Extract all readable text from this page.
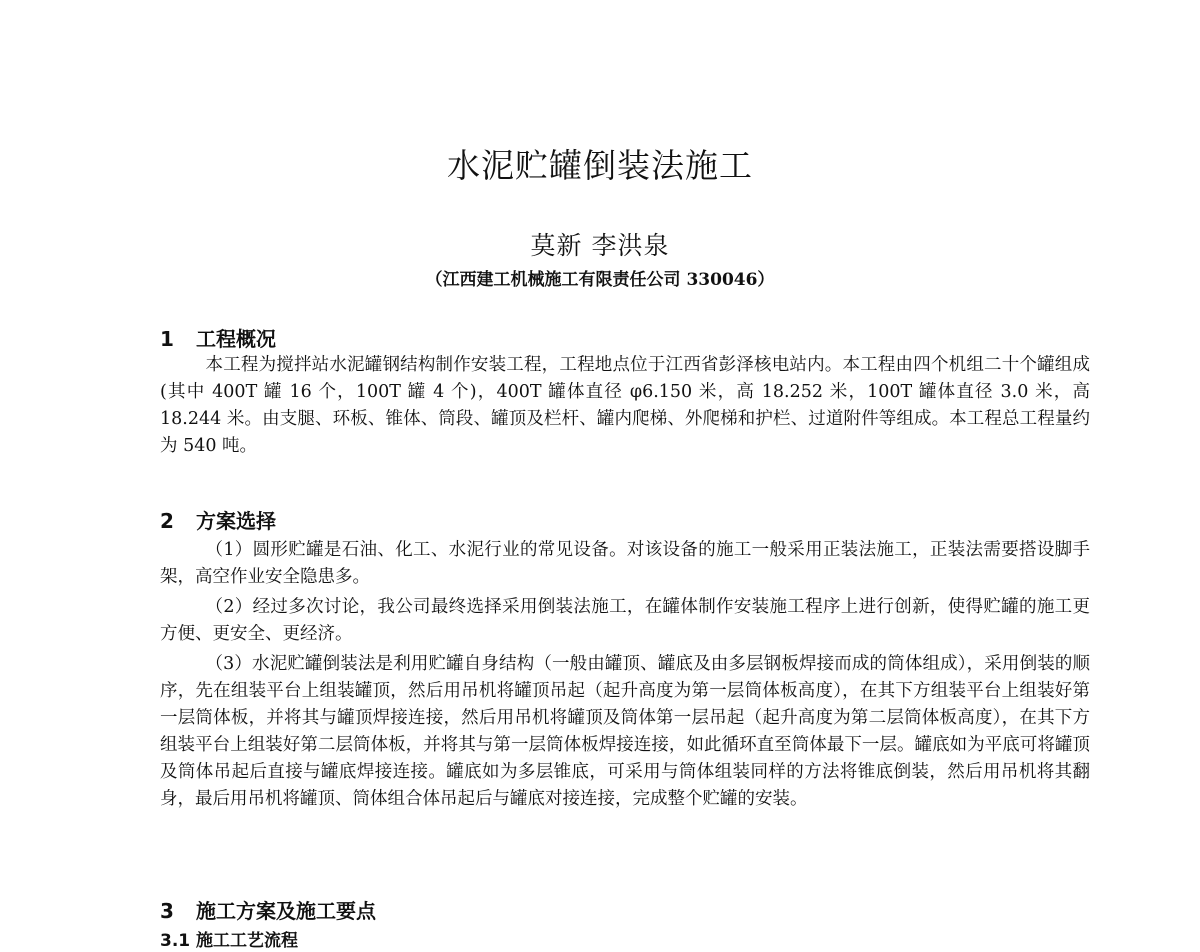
水泥贮罐倒装法施工
莫新 李洪泉
（江西建工机械施工有限责任公司 330046）
1 工程概况

本工程为搅拌站水泥罐钢结构制作安装工程，工程地点位于江西省彭泽核电站内。本工程由四个机组二十个罐组成(其中 400T 罐 16 个，100T 罐 4 个)，400T 罐体直径 φ6.150 米，高 18.252 米，100T 罐体直径 3.0 米，高 18.244 米。由支腿、环板、锥体、筒段、罐顶及栏杆、罐内爬梯、外爬梯和护栏、过道附件等组成。本工程总工程量约为 540 吨。

2 方案选择

（1）圆形贮罐是石油、化工、水泥行业的常见设备。对该设备的施工一般采用正装法施工，正装法需要搭设脚手架，高空作业安全隐患多。

（2）经过多次讨论，我公司最终选择采用倒装法施工，在罐体制作安装施工程序上进行创新，使得贮罐的施工更方便、更安全、更经济。

（3）水泥贮罐倒装法是利用贮罐自身结构（一般由罐顶、罐底及由多层钢板焊接而成的筒体组成），采用倒装的顺序，先在组装平台上组装罐顶，然后用吊机将罐顶吊起（起升高度为第一层筒体板高度），在其下方组装平台上组装好第一层筒体板，并将其与罐顶焊接连接，然后用吊机将罐顶及筒体第一层吊起（起升高度为第二层筒体板高度），在其下方组装平台上组装好第二层筒体板，并将其与第一层筒体板焊接连接，如此循环直至筒体最下一层。罐底如为平底可将罐顶及筒体吊起后直接与罐底焊接连接。罐底如为多层锥底，可采用与筒体组装同样的方法将锥底倒装，然后用吊机将其翻身，最后用吊机将罐顶、筒体组合体吊起后与罐底对接连接，完成整个贮罐的安装。

3 施工方案及施工要点
3.1 施工工艺流程
